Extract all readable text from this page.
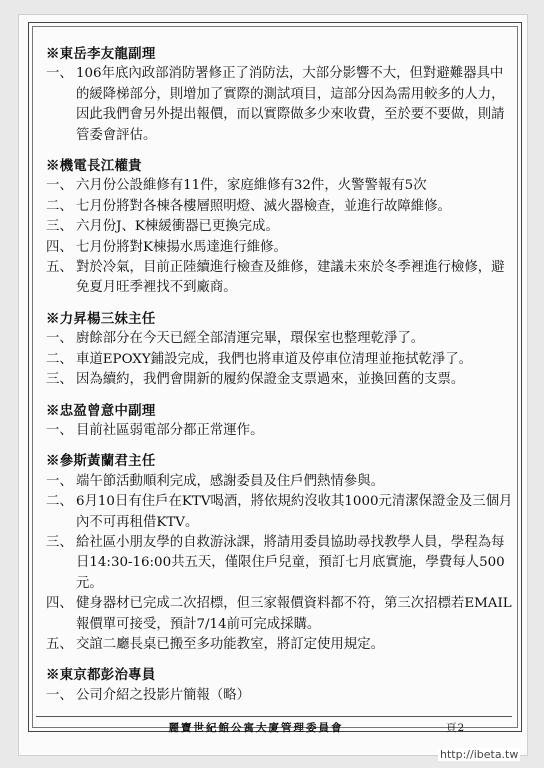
※東岳李友龍副理
一、 106年底內政部消防署修正了消防法，大部分影響不大，但對避難器具中的緩降梯部分，則增加了實際的測試項目，這部分因為需用較多的人力，因此我們會另外提出報價，而以實際做多少來收費，至於要不要做，則請管委會評估。
※機電長江權貴
一、 六月份公設維修有11件，家庭維修有32件，火警警報有5次
二、 七月份將對各棟各樓層照明燈、滅火器檢查，並進行故障維修。
三、 六月份J、K棟緩衝器已更換完成。
四、 七月份將對K棟揚水馬達進行維修。
五、 對於冷氣，目前正陸續進行檢查及維修，建議未來於冬季裡進行檢修，避免夏月旺季裡找不到廠商。
※力昇楊三妹主任
一、 廚餘部分在今天已經全部清運完畢，環保室也整理乾淨了。
二、 車道EPOXY鋪設完成，我們也將車道及停車位清理並拖拭乾淨了。
三、 因為續約，我們會開新的履約保證金支票過來，並換回舊的支票。
※忠盈曾意中副理
一、 目前社區弱電部分都正常運作。
※參斯黃蘭君主任
一、 端午節活動順利完成，感謝委員及住戶們熱情參與。
二、 6月10日有住戶在KTV喝酒，將依規約沒收其1000元清潔保證金及三個月內不可再租借KTV。
三、 給社區小朋友學的自救游泳課，將請用委員協助尋找教學人員，學程為每日14:30-16:00共五天，僅限住戶兒童，預訂七月底實施，學費每人500元。
四、 健身器材已完成二次招標，但三家報價資料都不符，第三次招標若EMAIL報價單可接受，預計7/14前可完成採購。
五、 交誼二廳長桌已搬至多功能教室，將訂定使用規定。
※東京都彭治專員
一、 公司介紹之投影片簡報（略）
麗寶世紀館公寓大廈管理委員會	頁2
http://ibeta.tw
